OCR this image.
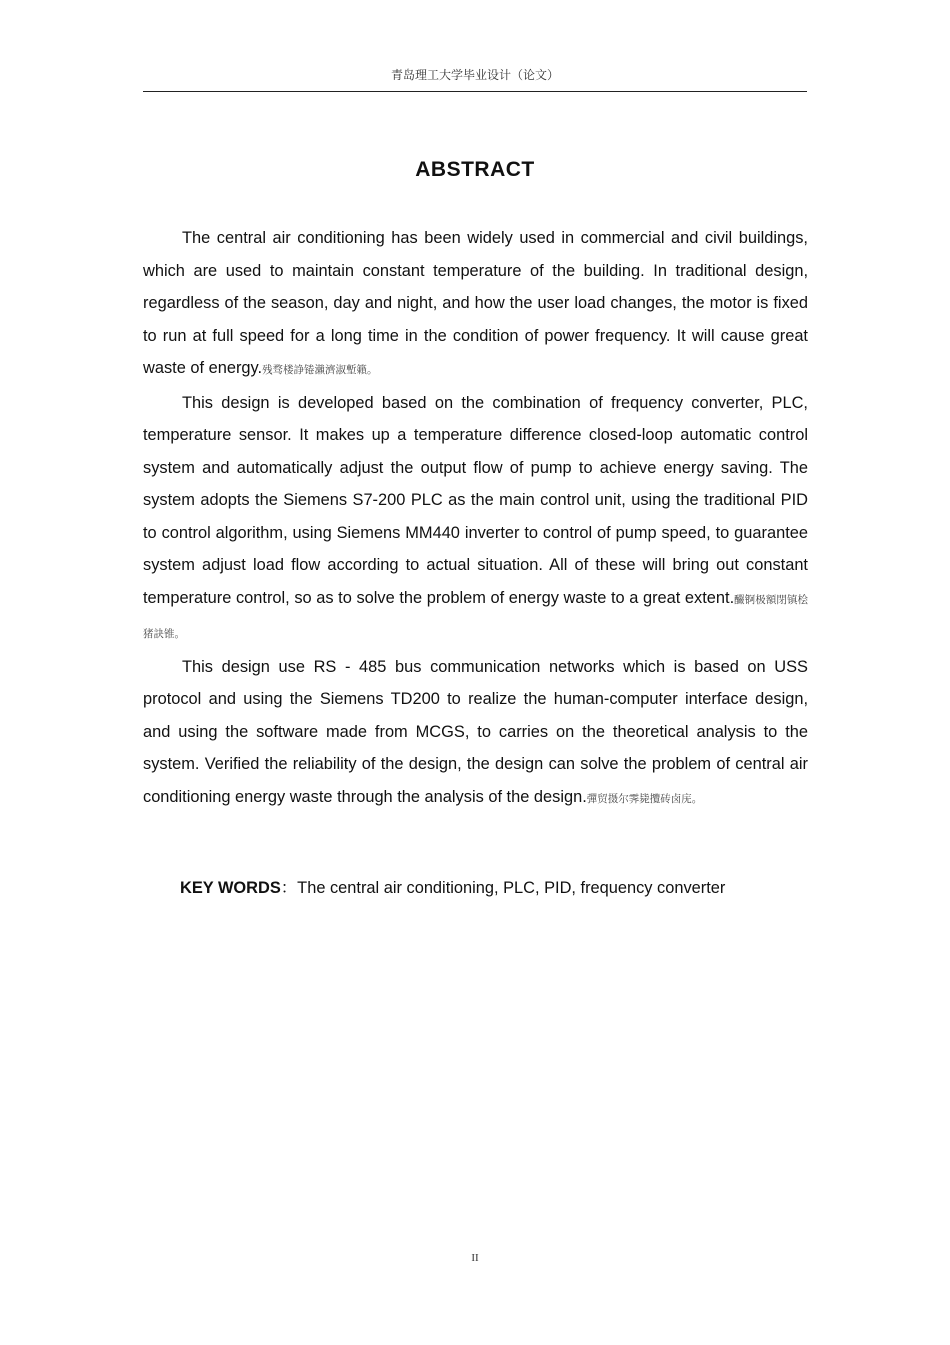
青岛理工大学毕业设计（论文）
ABSTRACT

The central air conditioning has been widely used in commercial and civil buildings, which are used to maintain constant temperature of the building. In traditional design, regardless of the season, day and night, and how the user load changes, the motor is fixed to run at full speed for a long time in the condition of power frequency. It will cause great waste of energy.残骛楼諍锩瀨濟淑塹籟。

This design is developed based on the combination of frequency converter, PLC, temperature sensor. It makes up a temperature difference closed-loop automatic control system and automatically adjust the output flow of pump to achieve energy saving. The system adopts the Siemens S7-200 PLC as the main control unit, using the traditional PID to control algorithm, using Siemens MM440 inverter to control of pump speed, to guarantee system adjust load flow according to actual situation. All of these will bring out constant temperature control, so as to solve the problem of energy waste to a great extent.釅锕极額閉镇桧猪訣锥。

This design use RS - 485 bus communication networks which is based on USS protocol and using the Siemens TD200 to realize the human-computer interface design, and using the software made from MCGS, to carries on the theoretical analysis to the system. Verified the reliability of the design, the design can solve the problem of central air conditioning energy waste through the analysis of the design.彈贸摄尔霁毙攬砖卤庑。

KEY WORDS：The central air conditioning, PLC, PID, frequency converter
II
